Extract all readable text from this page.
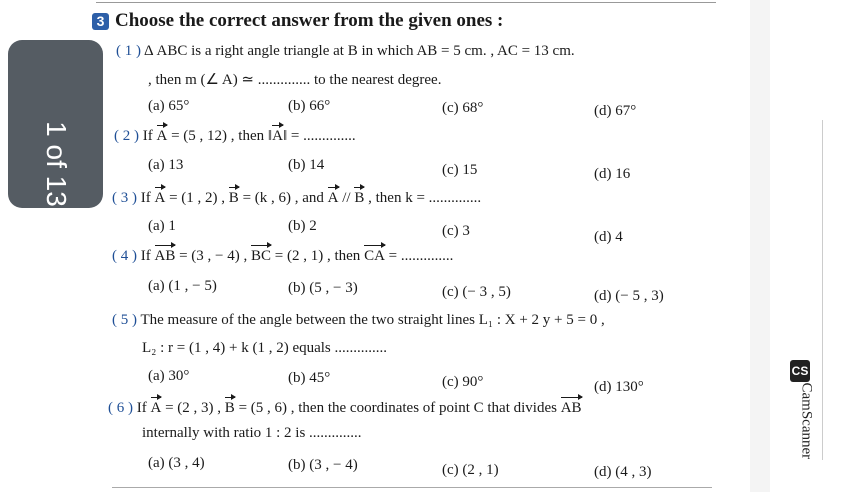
3 Choose the correct answer from the given ones :
( 1 ) Δ ABC is a right angle triangle at B in which AB = 5 cm. , AC = 13 cm.
, then m (∠ A) ≃ .............. to the nearest degree.
(a) 65°	(b) 66°	(c) 68°	(d) 67°
( 2 ) If A = (5 , 12) , then ‖A‖ = ..............
(a) 13	(b) 14	(c) 15	(d) 16
( 3 ) If A = (1 , 2) , B = (k , 6) , and A // B , then k = ..............
(a) 1	(b) 2	(c) 3	(d) 4
( 4 ) If AB = (3 , − 4) , BC = (2 , 1) , then CA = ..............
(a) (1 , − 5)	(b) (5 , − 3)	(c) (− 3 , 5)	(d) (− 5 , 3)
( 5 ) The measure of the angle between the two straight lines L₁ : X + 2 y + 5 = 0 ,
L₂ : r = (1 , 4) + k (1 , 2) equals ..............
(a) 30°	(b) 45°	(c) 90°	(d) 130°
( 6 ) If A = (2 , 3) , B = (5 , 6) , then the coordinates of point C that divides AB
internally with ratio 1 : 2 is ..............
(a) (3 , 4)	(b) (3 , − 4)	(c) (2 , 1)	(d) (4 , 3)
CS
CamScanner
1 of 13
